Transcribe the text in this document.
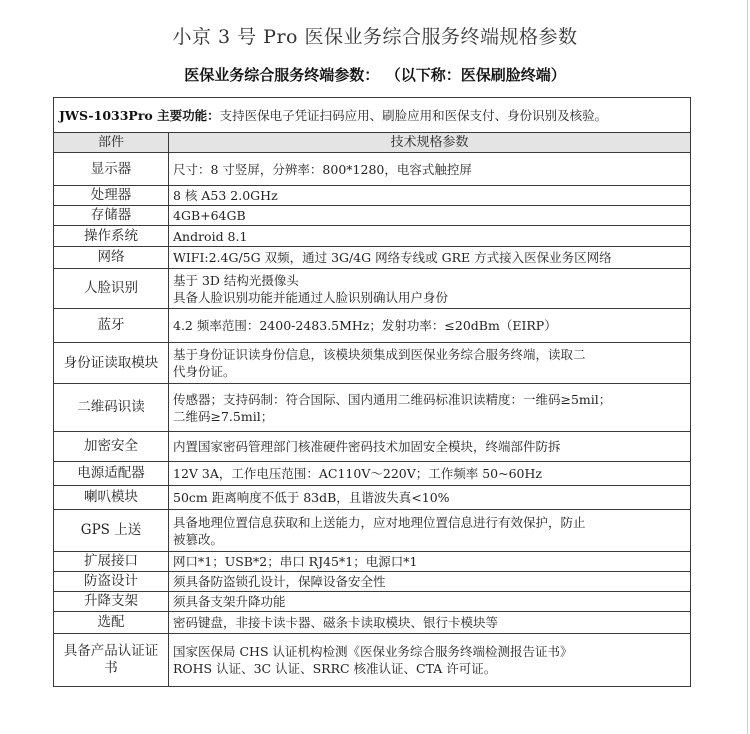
小京 3 号 Pro 医保业务综合服务终端规格参数
医保业务综合服务终端参数： （以下称：医保刷脸终端）
JWS-1033Pro 主要功能：支持医保电子凭证扫码应用、刷脸应用和医保支付、身份识别及核验。	
部件	技术规格参数
显示器	尺寸：8 寸竖屏，分辨率：800*1280，电容式触控屏

处理器	8 核 A53 2.0GHz

存储器	4GB+64GB

操作系统	Android 8.1

网络	WIFI:2.4G/5G 双频，通过 3G/4G 网络专线或 GRE 方式接入医保业务区网络

人脸识别	基于 3D 结构光摄像头
具备人脸识别功能并能通过人脸识别确认用户身份

蓝牙	4.2 频率范围：2400-2483.5MHz；发射功率：≤20dBm（EIRP）

身份证读取模块	基于身份证识读身份信息，该模块须集成到医保业务综合服务终端，读取二
代身份证。

二维码识读	传感器；支持码制：符合国际、国内通用二维码标准识读精度：一维码≥5mil；
二维码≥7.5mil；

加密安全	内置国家密码管理部门核准硬件密码技术加固安全模块，终端部件防拆

电源适配器	12V 3A，工作电压范围：AC110V～220V；工作频率 50~60Hz

喇叭模块	50cm 距离响度不低于 83dB，且谐波失真<10%

GPS 上送	具备地理位置信息获取和上送能力，应对地理位置信息进行有效保护，防止
被篡改。

扩展接口	网口*1；USB*2；串口 RJ45*1；电源口*1

防盗设计	须具备防盗锁孔设计，保障设备安全性

升降支架	须具备支架升降功能

选配	密码键盘，非接卡读卡器、磁条卡读取模块、银行卡模块等

具备产品认证证书	国家医保局 CHS 认证机构检测《医保业务综合服务终端检测报告证书》
ROHS 认证、3C 认证、SRRC 核准认证、CTA 许可证。
